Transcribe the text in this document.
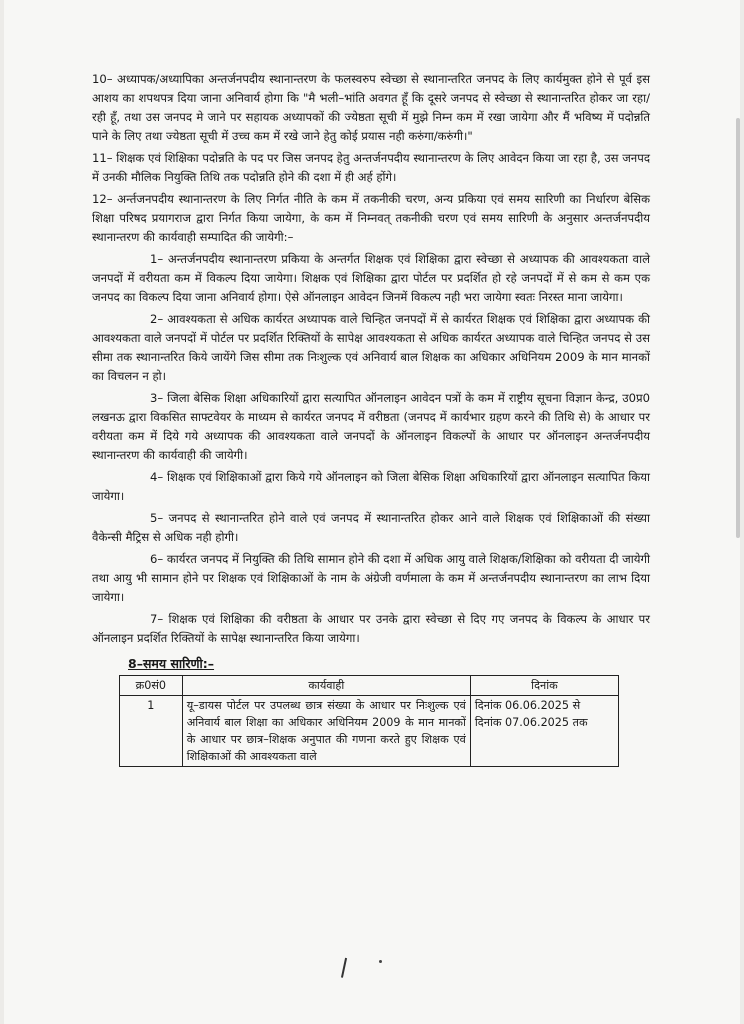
10– अध्यापक/अध्यापिका अन्तर्जनपदीय स्थानान्तरण के फलस्वरुप स्वेच्छा से स्थानान्तरित जनपद के लिए कार्यमुक्त होने से पूर्व इस आशय का शपथपत्र दिया जाना अनिवार्य होगा कि "मै भली–भांति अवगत हूँ कि दूसरे जनपद से स्वेच्छा से स्थानान्तरित होकर जा रहा/रही हूँ, तथा उस जनपद मे जाने पर सहायक अध्यापकों की ज्येष्ठता सूची में मुझे निम्न कम में रखा जायेगा और मैं भविष्य में पदोन्नति पाने के लिए तथा ज्येष्ठता सूची में उच्च कम में रखे जाने हेतु कोई प्रयास नही करुंगा/करुंगी।"

11– शिक्षक एवं शिक्षिका पदोन्नति के पद पर जिस जनपद हेतु अन्तर्जनपदीय स्थानान्तरण के लिए आवेदन किया जा रहा है, उस जनपद में उनकी मौलिक नियुक्ति तिथि तक पदोन्नति होने की दशा में ही अर्ह होंगे।

12– अर्न्तजनपदीय स्थानान्तरण के लिए निर्गत नीति के कम में तकनीकी चरण, अन्य प्रकिया एवं समय सारिणी का निर्धारण बेसिक शिक्षा परिषद प्रयागराज द्वारा निर्गत किया जायेगा, के कम में निम्नवत् तकनीकी चरण एवं समय सारिणी के अनुसार अन्तर्जनपदीय स्थानान्तरण की कार्यवाही सम्पादित की जायेगी:–

1– अन्तर्जनपदीय स्थानान्तरण प्रकिया के अन्तर्गत शिक्षक एवं शिक्षिका द्वारा स्वेच्छा से अध्यापक की आवश्यकता वाले जनपदों में वरीयता कम में विकल्प दिया जायेगा। शिक्षक एवं शिक्षिका द्वारा पोर्टल पर प्रदर्शित हो रहे जनपदों में से कम से कम एक जनपद का विकल्प दिया जाना अनिवार्य होगा। ऐसे ऑनलाइन आवेदन जिनमें विकल्प नही भरा जायेगा स्वतः निरस्त माना जायेगा।

2– आवश्यकता से अधिक कार्यरत अध्यापक वाले चिन्हित जनपदों में से कार्यरत शिक्षक एवं शिक्षिका द्वारा अध्यापक की आवश्यकता वाले जनपदों में पोर्टल पर प्रदर्शित रिक्तियों के सापेक्ष आवश्यकता से अधिक कार्यरत अध्यापक वाले चिन्हित जनपद से उस सीमा तक स्थानान्तरित किये जायेंगे जिस सीमा तक निःशुल्क एवं अनिवार्य बाल शिक्षक का अधिकार अधिनियम 2009 के मान मानकों का विचलन न हो।

3– जिला बेसिक शिक्षा अधिकारियों द्वारा सत्यापित ऑनलाइन आवेदन पत्रों के कम में राष्ट्रीय सूचना विज्ञान केन्द्र, उ0प्र0 लखनऊ द्वारा विकसित साफ्टवेयर के माध्यम से कार्यरत जनपद में वरीष्ठता (जनपद में कार्यभार ग्रहण करने की तिथि से) के आधार पर वरीयता कम में दिये गये अध्यापक की आवश्यकता वाले जनपदों के ऑनलाइन विकल्पों के आधार पर ऑनलाइन अन्तर्जनपदीय स्थानान्तरण की कार्यवाही की जायेगी।

4– शिक्षक एवं शिक्षिकाओं द्वारा किये गये ऑनलाइन को जिला बेसिक शिक्षा अधिकारियों द्वारा ऑनलाइन सत्यापित किया जायेगा।

5– जनपद से स्थानान्तरित होने वाले एवं जनपद में स्थानान्तरित होकर आने वाले शिक्षक एवं शिक्षिकाओं की संख्या वैकेन्सी मैट्रिस से अधिक नही होगी।

6– कार्यरत जनपद में नियुक्ति की तिथि सामान होने की दशा में अधिक आयु वाले शिक्षक/शिक्षिका को वरीयता दी जायेगी तथा आयु भी सामान होने पर शिक्षक एवं शिक्षिकाओं के नाम के अंग्रेजी वर्णमाला के कम में अन्तर्जनपदीय स्थानान्तरण का लाभ दिया जायेगा।

7– शिक्षक एवं शिक्षिका की वरीष्ठता के आधार पर उनके द्वारा स्वेच्छा से दिए गए जनपद के विकल्प के आधार पर ऑनलाइन प्रदर्शित रिक्तियों के सापेक्ष स्थानान्तरित किया जायेगा।

8–समय सारिणी:–
क्र0सं0	कार्यवाही	दिनांक
1	यू–डायस पोर्टल पर उपलब्ध छात्र संख्या के आधार पर निःशुल्क एवं अनिवार्य बाल शिक्षा का अधिकार अधिनियम 2009 के मान मानकों के आधार पर छात्र–शिक्षक अनुपात की गणना करते हुए शिक्षक एवं शिक्षिकाओं की आवश्यकता वाले	दिनांक 06.06.2025 से
दिनांक 07.06.2025 तक
